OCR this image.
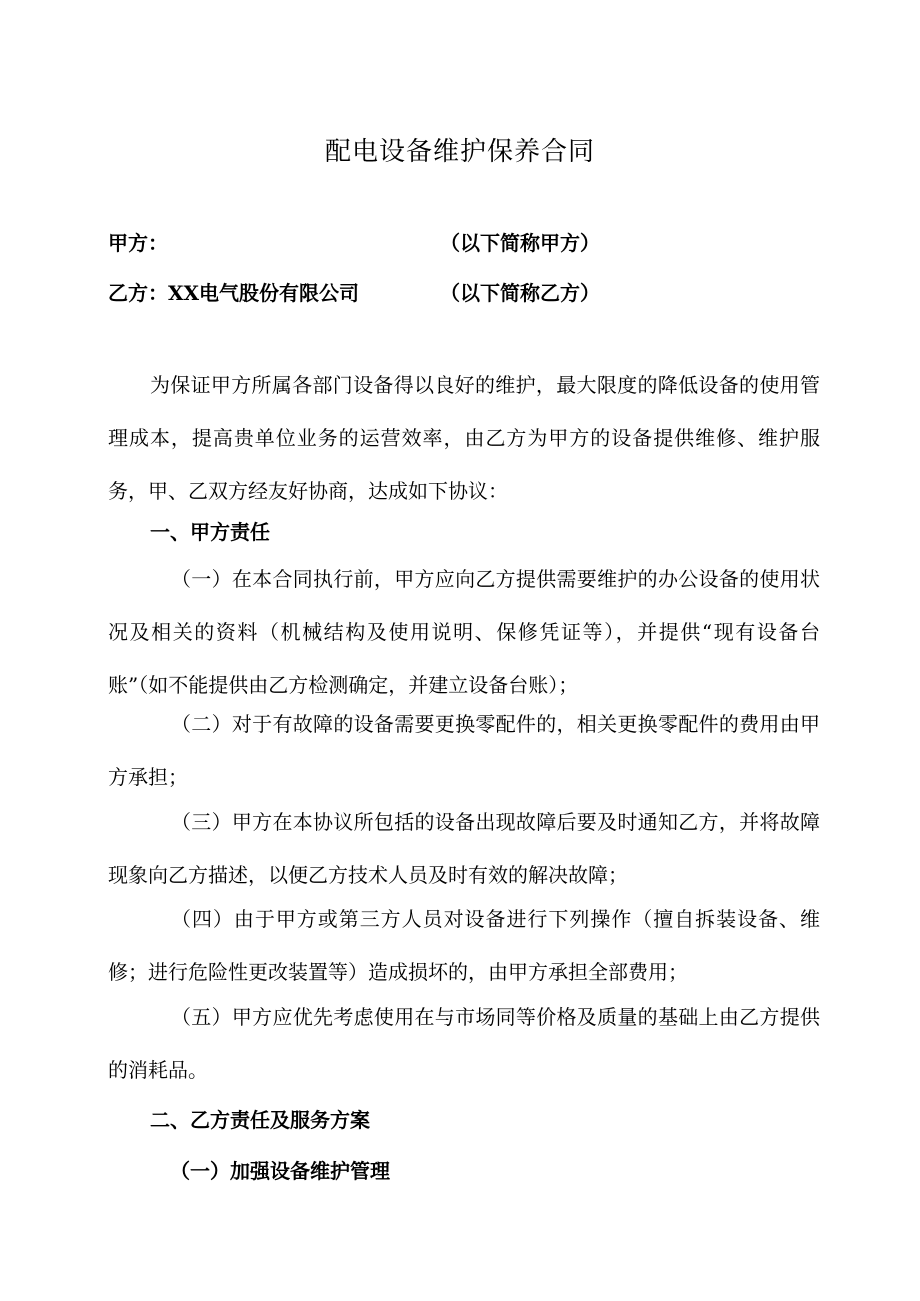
配电设备维护保养合同
甲方：	（以下简称甲方）
乙方：XX电气股份有限公司	（以下简称乙方）

为保证甲方所属各部门设备得以良好的维护，最大限度的降低设备的使用管理成本，提高贵单位业务的运营效率，由乙方为甲方的设备提供维修、维护服务，甲、乙双方经友好协商，达成如下协议：

一、甲方责任

（一）在本合同执行前，甲方应向乙方提供需要维护的办公设备的使用状况及相关的资料（机械结构及使用说明、保修凭证等），并提供“现有设备台账”（如不能提供由乙方检测确定，并建立设备台账）；

（二）对于有故障的设备需要更换零配件的，相关更换零配件的费用由甲方承担；

（三）甲方在本协议所包括的设备出现故障后要及时通知乙方，并将故障现象向乙方描述，以便乙方技术人员及时有效的解决故障；

（四）由于甲方或第三方人员对设备进行下列操作（擅自拆装设备、维修；进行危险性更改装置等）造成损坏的，由甲方承担全部费用；

（五）甲方应优先考虑使用在与市场同等价格及质量的基础上由乙方提供的消耗品。

二、乙方责任及服务方案
（一）加强设备维护管理
